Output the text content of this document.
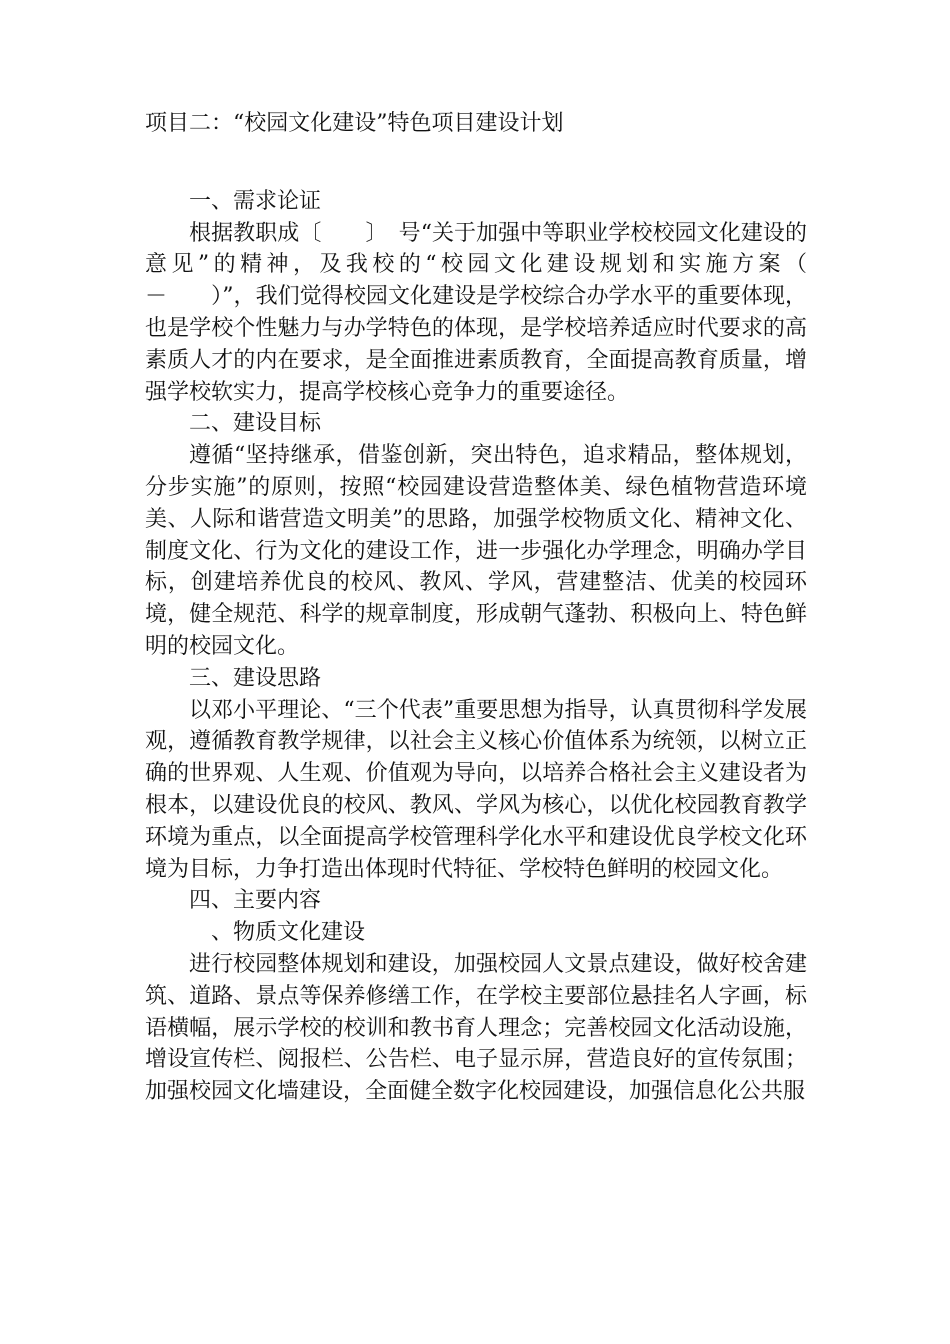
项目二：“校园文化建设”特色项目建设计划

一、需求论证

根据教职成〔　　〕　号“关于加强中等职业学校校园文化建设的意见”的精神，及我校的“校园文化建设规划和实施方案（　－　　）”，我们觉得校园文化建设是学校综合办学水平的重要体现，也是学校个性魅力与办学特色的体现，是学校培养适应时代要求的高素质人才的内在要求，是全面推进素质教育，全面提高教育质量，增强学校软实力，提高学校核心竞争力的重要途径。

二、建设目标

遵循“坚持继承，借鉴创新，突出特色，追求精品，整体规划，分步实施”的原则，按照“校园建设营造整体美、绿色植物营造环境美、人际和谐营造文明美”的思路，加强学校物质文化、精神文化、制度文化、行为文化的建设工作，进一步强化办学理念，明确办学目标，创建培养优良的校风、教风、学风，营建整洁、优美的校园环境，健全规范、科学的规章制度，形成朝气蓬勃、积极向上、特色鲜明的校园文化。

三、建设思路

以邓小平理论、“三个代表”重要思想为指导，认真贯彻科学发展观，遵循教育教学规律，以社会主义核心价值体系为统领，以树立正确的世界观、人生观、价值观为导向，以培养合格社会主义建设者为根本，以建设优良的校风、教风、学风为核心，以优化校园教育教学环境为重点，以全面提高学校管理科学化水平和建设优良学校文化环境为目标，力争打造出体现时代特征、学校特色鲜明的校园文化。

四、主要内容

　、物质文化建设

进行校园整体规划和建设，加强校园人文景点建设，做好校舍建筑、道路、景点等保养修缮工作，在学校主要部位悬挂名人字画，标语横幅，展示学校的校训和教书育人理念；完善校园文化活动设施，增设宣传栏、阅报栏、公告栏、电子显示屏，营造良好的宣传氛围；加强校园文化墙建设，全面健全数字化校园建设，加强信息化公共服
